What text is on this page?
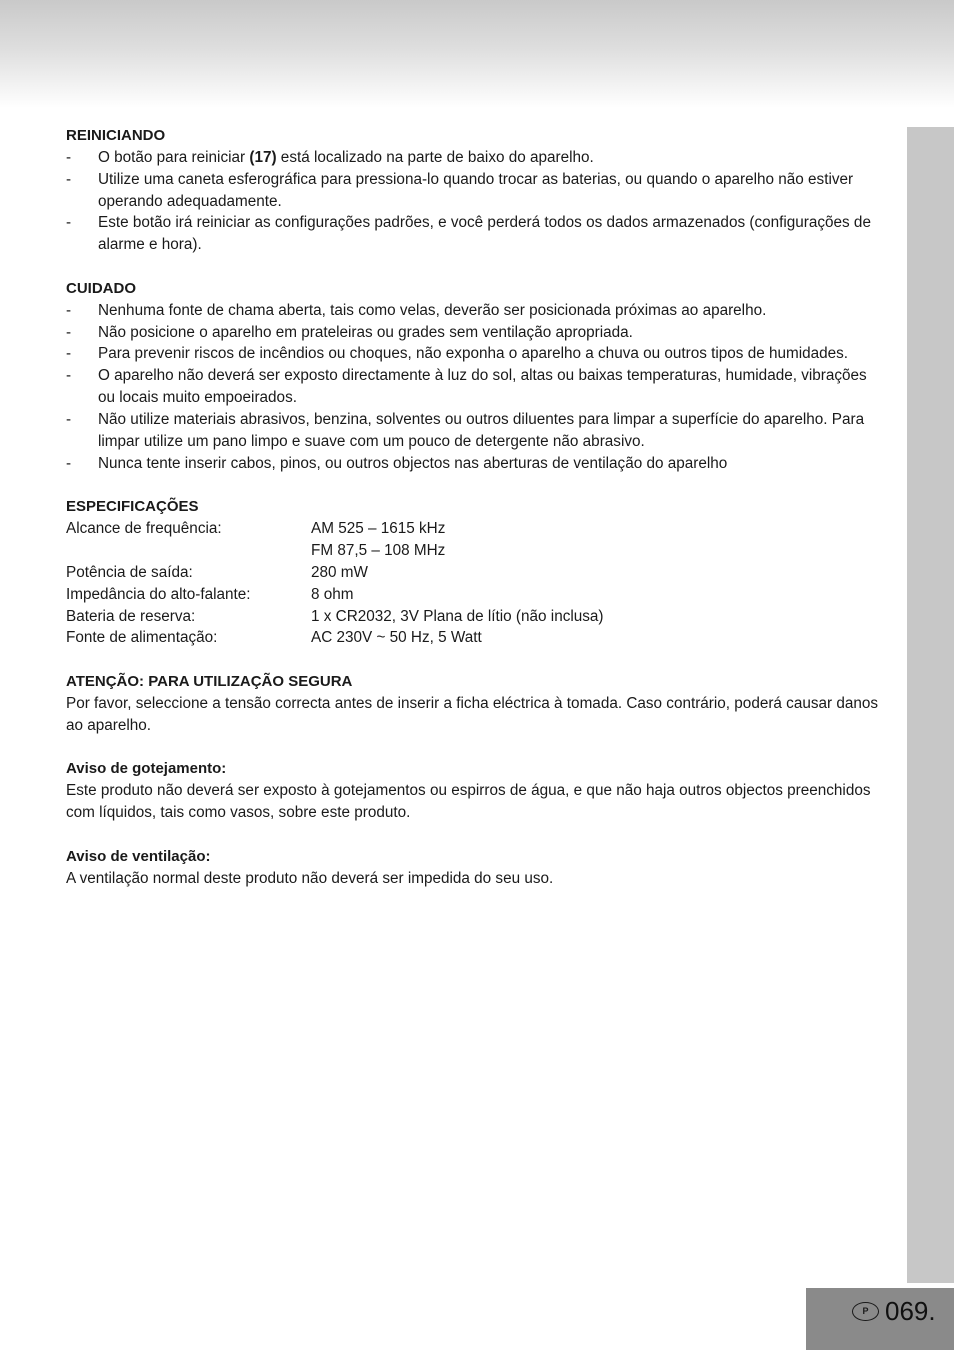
REINICIANDO
- O botão para reiniciar (17) está localizado na parte de baixo do aparelho.
- Utilize uma caneta esferográfica para pressiona-lo quando trocar as baterias, ou quando o aparelho não estiver operando adequadamente.
- Este botão irá reiniciar as configurações padrões, e você perderá todos os dados armazenados (configurações de alarme e hora).
CUIDADO
- Nenhuma fonte de chama aberta, tais como velas, deverão ser posicionada próximas ao aparelho.
- Não posicione o aparelho em prateleiras ou grades sem ventilação apropriada.
- Para prevenir riscos de incêndios ou choques, não exponha o aparelho a chuva ou outros tipos de humidades.
- O aparelho não deverá ser exposto directamente à luz do sol, altas ou baixas temperaturas, humidade, vibrações ou locais muito empoeirados.
- Não utilize materiais abrasivos, benzina, solventes ou outros diluentes para limpar a superfície do aparelho. Para limpar utilize um pano limpo e suave com um pouco de detergente não abrasivo.
- Nunca tente inserir cabos, pinos, ou outros objectos nas aberturas de ventilação do aparelho
ESPECIFICAÇÕES
Alcance de frequência:	AM 525 – 1615 kHz
FM 87,5 – 108 MHz
Potência de saída:	280 mW
Impedância do alto-falante:	8 ohm
Bateria de reserva:	1 x CR2032, 3V Plana de lítio (não inclusa)
Fonte de alimentação:	AC 230V ~ 50 Hz, 5 Watt
ATENÇÃO: PARA UTILIZAÇÃO SEGURA
Por favor, seleccione a tensão correcta antes de inserir a ficha eléctrica à tomada. Caso contrário, poderá causar danos ao aparelho.
Aviso de gotejamento:
Este produto não deverá ser exposto à gotejamentos ou espirros de água, e que não haja outros objectos preenchidos com líquidos, tais como vasos, sobre este produto.
Aviso de ventilação:
A ventilação normal deste produto não deverá ser impedida do seu uso.
P 069.
